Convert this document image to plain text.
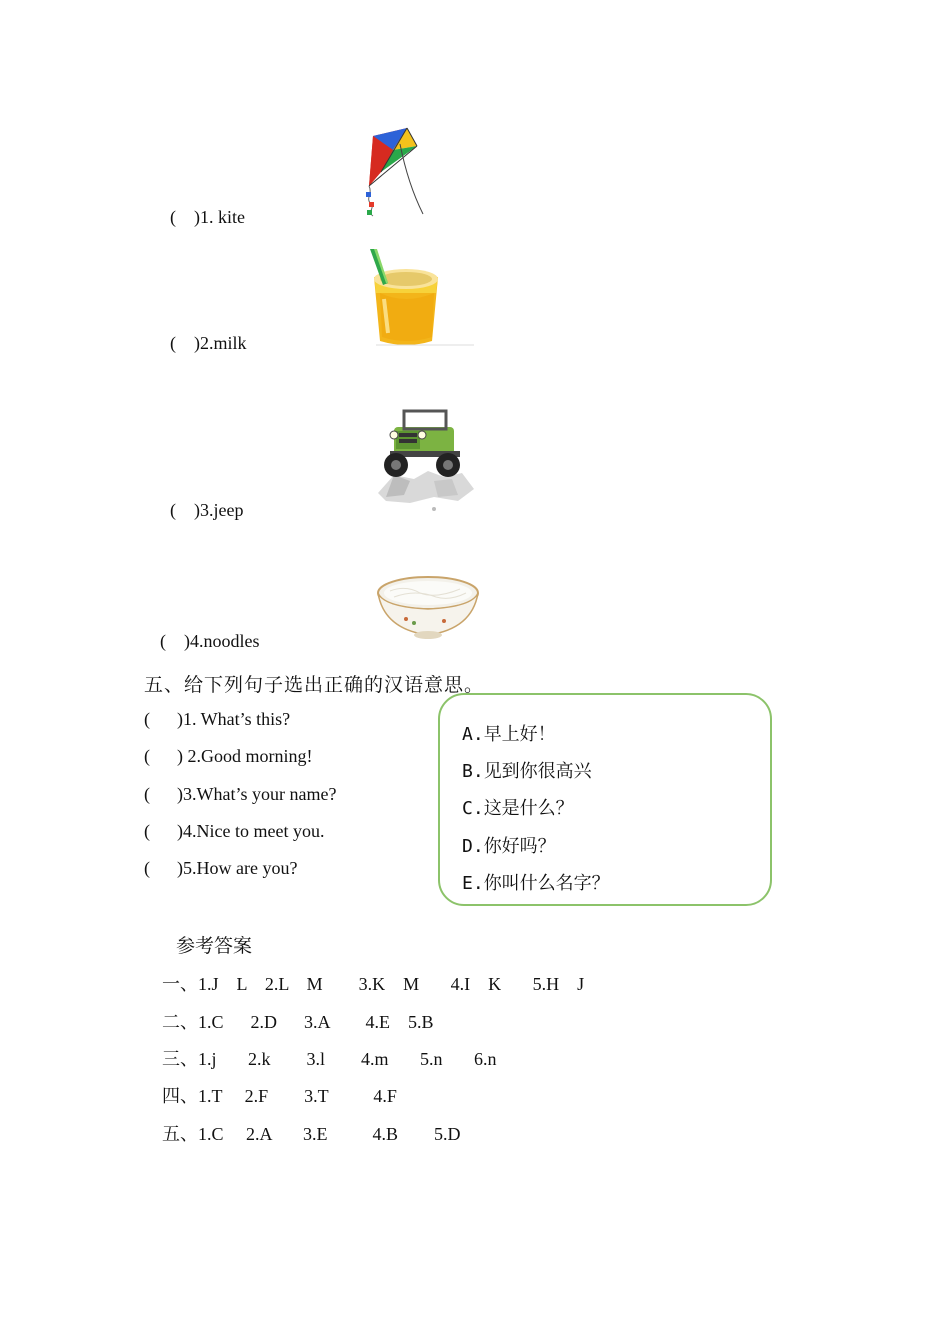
(    )1. kite
(    )2.milk
(    )3.jeep
(    )4.noodles
五、给下列句子选出正确的汉语意思。
(      )1. What’s this?
(      ) 2.Good morning!
(      )3.What’s your name?
(      )4.Nice to meet you.
(      )5.How are you?
A.早上好！
B.见到你很高兴
C.这是什么？
D.你好吗？
E.你叫什么名字？
参考答案
一、1.J    L    2.L    M        3.K    M       4.I    K       5.H    J
二、1.C      2.D      3.A        4.E    5.B
三、1.j       2.k        3.l        4.m       5.n       6.n
四、1.T     2.F        3.T          4.F
五、1.C     2.A       3.E          4.B        5.D
